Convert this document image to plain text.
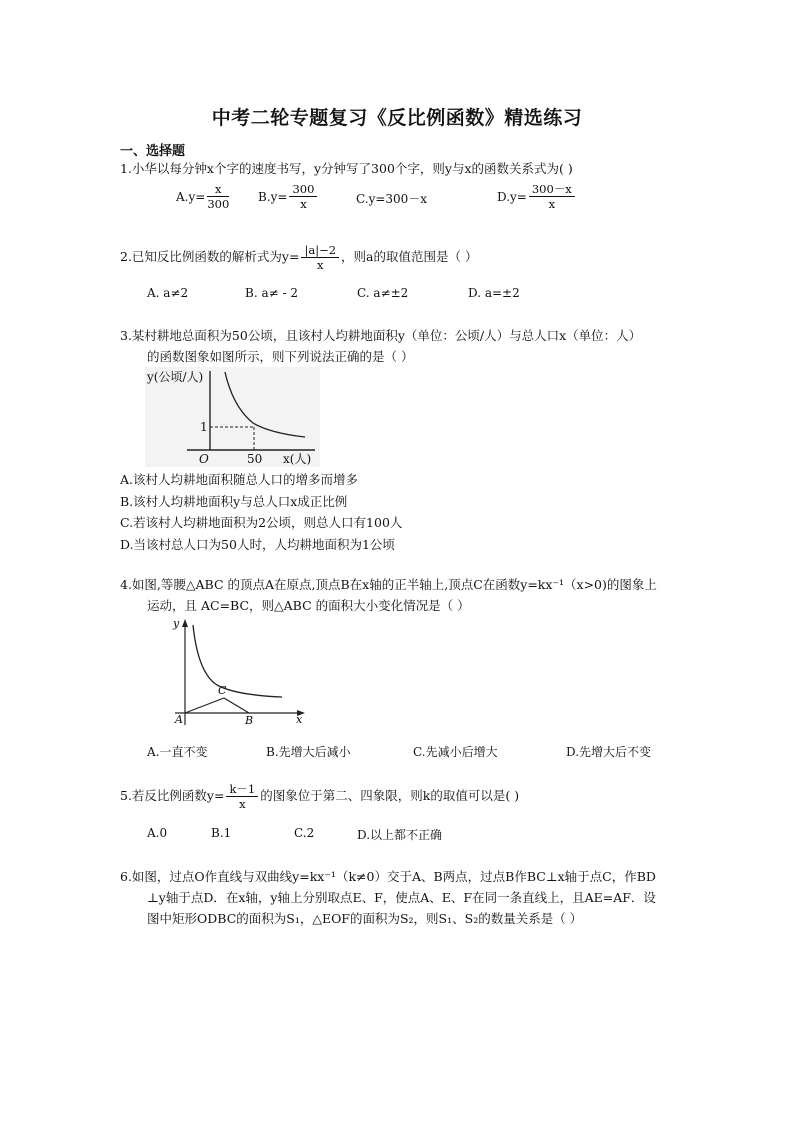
中考二轮专题复习《反比例函数》精选练习
一、选择题
1.小华以每分钟x个字的速度书写，y分钟写了300个字，则y与x的函数关系式为( )
$A.y= \frac{x}{300} B.y= \frac{300}{x}$	C.y=300－x	$D.y= \frac{300-x}{x}$
2.已知反比例函数的解析式为$y= \frac{|a|-2}{x}$ ，则a的取值范围是（ ）
A. a≠2	B. a≠ - 2	C. a≠±2	D. a=±2
3.某村耕地总面积为50公顷，且该村人均耕地面积y（单位：公顷/人）与总人口x（单位：人）
的函数图象如图所示，则下列说法正确的是（ ）
y(公顷/人)
1
O	50 x(人)
A.该村人均耕地面积随总人口的增多而增多
B.该村人均耕地面积y与总人口x成正比例
C.若该村人均耕地面积为2公顷，则总人口有100人
D.当该村总人口为50人时，人均耕地面积为1公顷
4.如图,等腰△ABC 的顶点A在原点,顶点B在x轴的正半轴上,顶点C在函数y=kx⁻¹（x>0)的图象上
运动，且 AC=BC，则△ABC 的面积大小变化情况是（ ）
y
x
A	B
C
A.一直不变	B.先增大后减小	C.先减小后增大	D.先增大后不变
5.若反比例函数$y= \frac{k-1}{x}$ 的图象位于第二、四象限，则k的取值可以是( )
A.0	B.1	C.2	D.以上都不正确
6.如图，过点O作直线与双曲线y=kx⁻¹（k≠0）交于A、B两点，过点B作BC⊥x轴于点C，作BD
⊥y轴于点D．在x轴，y轴上分别取点E、F，使点A、E、F在同一条直线上，且AE=AF．设
图中矩形ODBC的面积为S₁，△EOF的面积为S₂，则S₁、S₂的数量关系是（ ）
